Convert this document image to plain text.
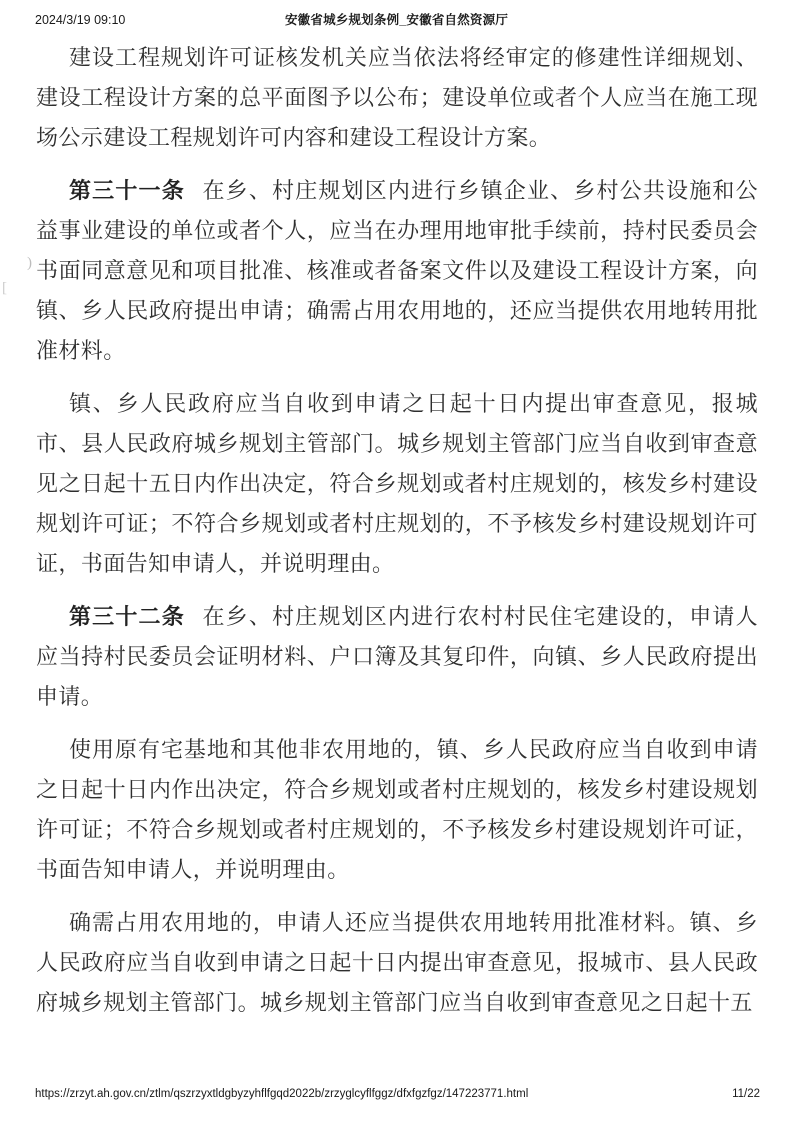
2024/3/19 09:10	安徽省城乡规划条例_安徽省自然资源厅

建设工程规划许可证核发机关应当依法将经审定的修建性详细规划、建设工程设计方案的总平面图予以公布；建设单位或者个人应当在施工现场公示建设工程规划许可内容和建设工程设计方案。

第三十一条 在乡、村庄规划区内进行乡镇企业、乡村公共设施和公益事业建设的单位或者个人，应当在办理用地审批手续前，持村民委员会书面同意意见和项目批准、核准或者备案文件以及建设工程设计方案，向镇、乡人民政府提出申请；确需占用农用地的，还应当提供农用地转用批准材料。

镇、乡人民政府应当自收到申请之日起十日内提出审查意见，报城市、县人民政府城乡规划主管部门。城乡规划主管部门应当自收到审查意见之日起十五日内作出决定，符合乡规划或者村庄规划的，核发乡村建设规划许可证；不符合乡规划或者村庄规划的，不予核发乡村建设规划许可证，书面告知申请人，并说明理由。

第三十二条 在乡、村庄规划区内进行农村村民住宅建设的，申请人应当持村民委员会证明材料、户口簿及其复印件，向镇、乡人民政府提出申请。

使用原有宅基地和其他非农用地的，镇、乡人民政府应当自收到申请之日起十日内作出决定，符合乡规划或者村庄规划的，核发乡村建设规划许可证；不符合乡规划或者村庄规划的，不予核发乡村建设规划许可证，书面告知申请人，并说明理由。

确需占用农用地的，申请人还应当提供农用地转用批准材料。镇、乡人民政府应当自收到申请之日起十日内提出审查意见，报城市、县人民政府城乡规划主管部门。城乡规划主管部门应当自收到审查意见之日起十五

)
[
https://zrzyt.ah.gov.cn/ztlm/qszrzyxtldgbyzyhflfgqd2022b/zrzyglcyflfggz/dfxfgzfgz/147223771.html	11/22
